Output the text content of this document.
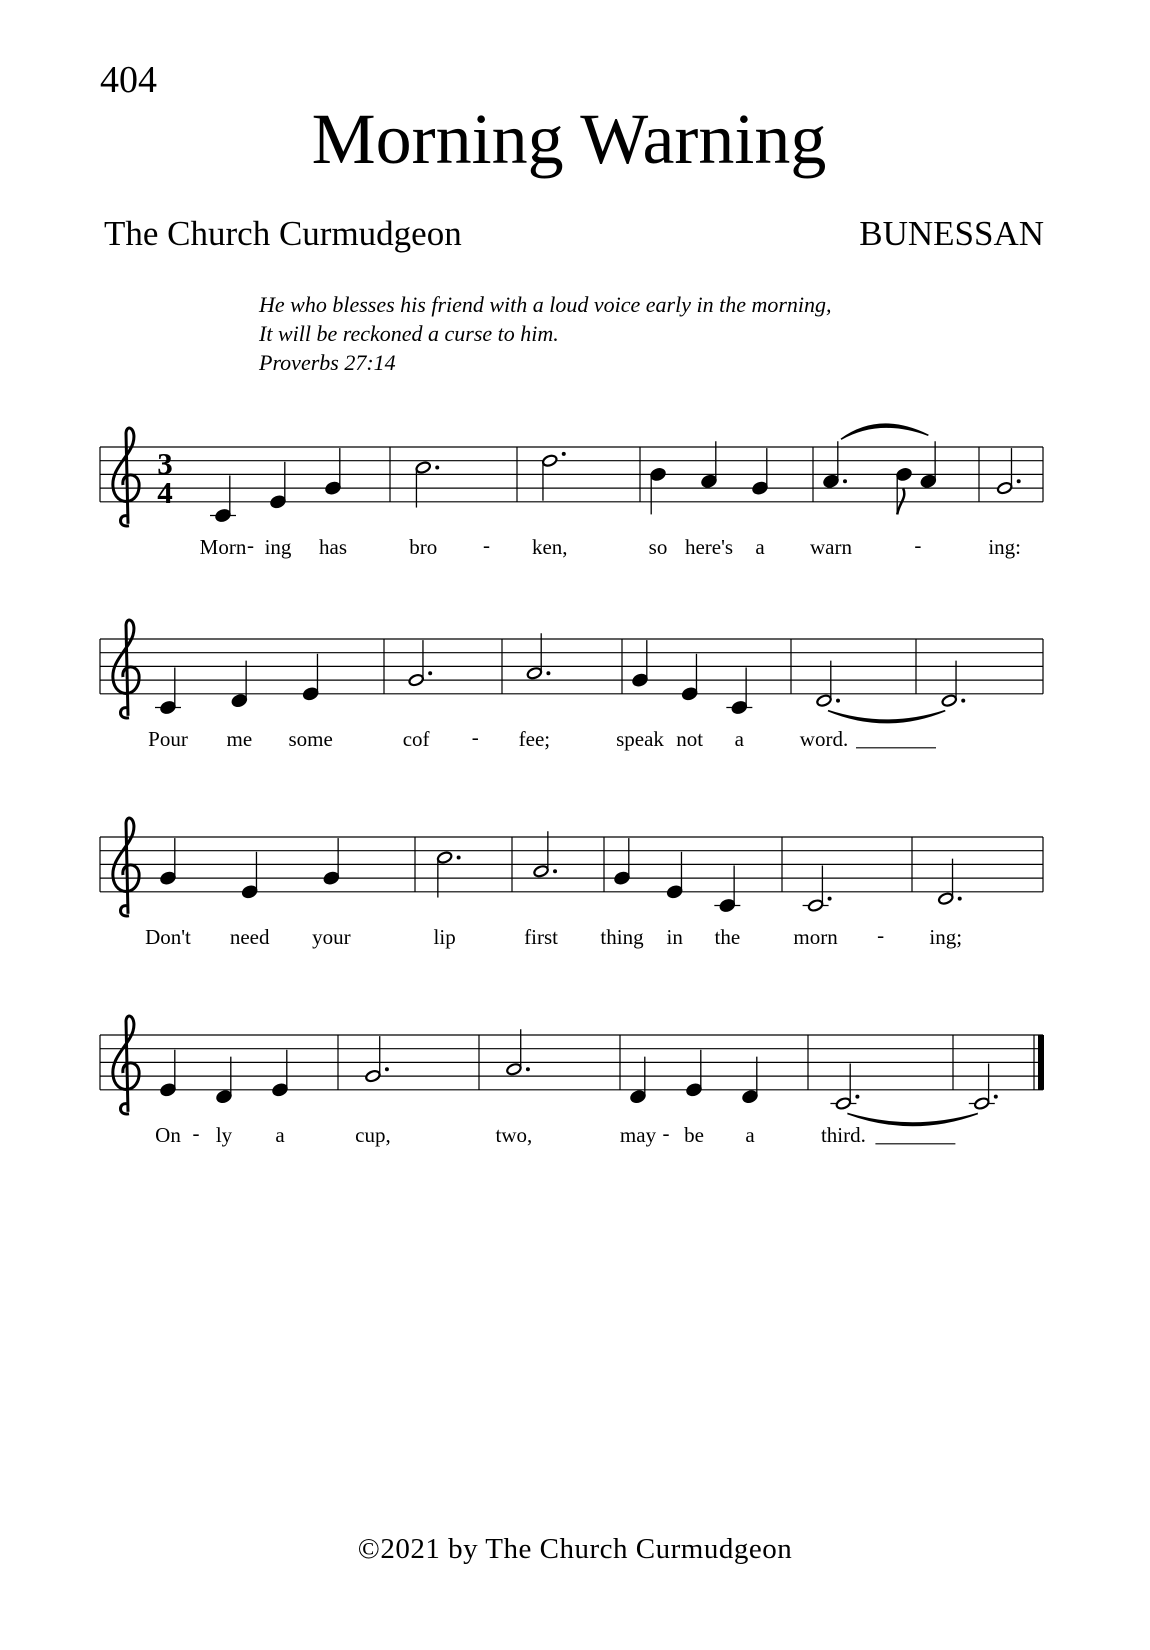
404
Morning Warning
The Church Curmudgeon	BUNESSAN
He who blesses his friend with a loud voice early in the morning,
It will be reckoned a curse to him.
Proverbs 27:14
3
4
Morn - ing has	bro - ken,	so here's a warn	-	ing:
Pour me some	cof - fee;	speak not a	word.
Don't need your	lip	first thing in the	morn - ing;
On - ly a	cup,	two,	may - be a	third.
©2021 by The Church Curmudgeon
